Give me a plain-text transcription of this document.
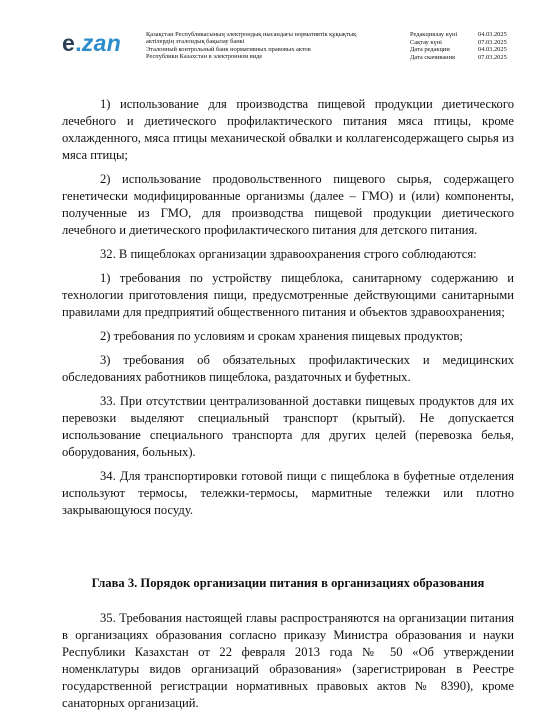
e.zan	Қазақстан Республикасының электрондық нысандағы нормативтік құқықтық
актілердің эталондық бақылау банкі
Эталонный контрольный банк нормативных правовых актов
Республики Казахстан в электронном виде
Редакциялау күні	04.03.2025
Сақтау күні	07.03.2025
Дата редакции	04.03.2025
Дата скачивания	07.03.2025

1) использование для производства пищевой продукции диетического лечебного и диетического профилактического питания мяса птицы, кроме охлажденного, мяса птицы механической обвалки и коллагенсодержащего сырья из мяса птицы;

2) использование продовольственного пищевого сырья, содержащего генетически модифицированные организмы (далее – ГМО) и (или) компоненты, полученные из ГМО, для производства пищевой продукции диетического лечебного и диетического профилактического питания для детского питания.

32. В пищеблоках организации здравоохранения строго соблюдаются:

1) требования по устройству пищеблока, санитарному содержанию и технологии приготовления пищи, предусмотренные действующими санитарными правилами для предприятий общественного питания и объектов здравоохранения;

2) требования по условиям и срокам хранения пищевых продуктов;

3) требования об обязательных профилактических и медицинских обследованиях работников пищеблока, раздаточных и буфетных.

33. При отсутствии централизованной доставки пищевых продуктов для их перевозки выделяют специальный транспорт (крытый). Не допускается использование специального транспорта для других целей (перевозка белья, оборудования, больных).

34. Для транспортировки готовой пищи с пищеблока в буфетные отделения используют термосы, тележки-термосы, мармитные тележки или плотно закрывающуюся посуду.

Глава 3. Порядок организации питания в организациях образования

35. Требования настоящей главы распространяются на организации питания в организациях образования согласно приказу Министра образования и науки Республики Казахстан от 22 февраля 2013 года № 50 «Об утверждении номенклатуры видов организаций образования» (зарегистрирован в Реестре государственной регистрации нормативных правовых актов № 8390), кроме санаторных организаций.
